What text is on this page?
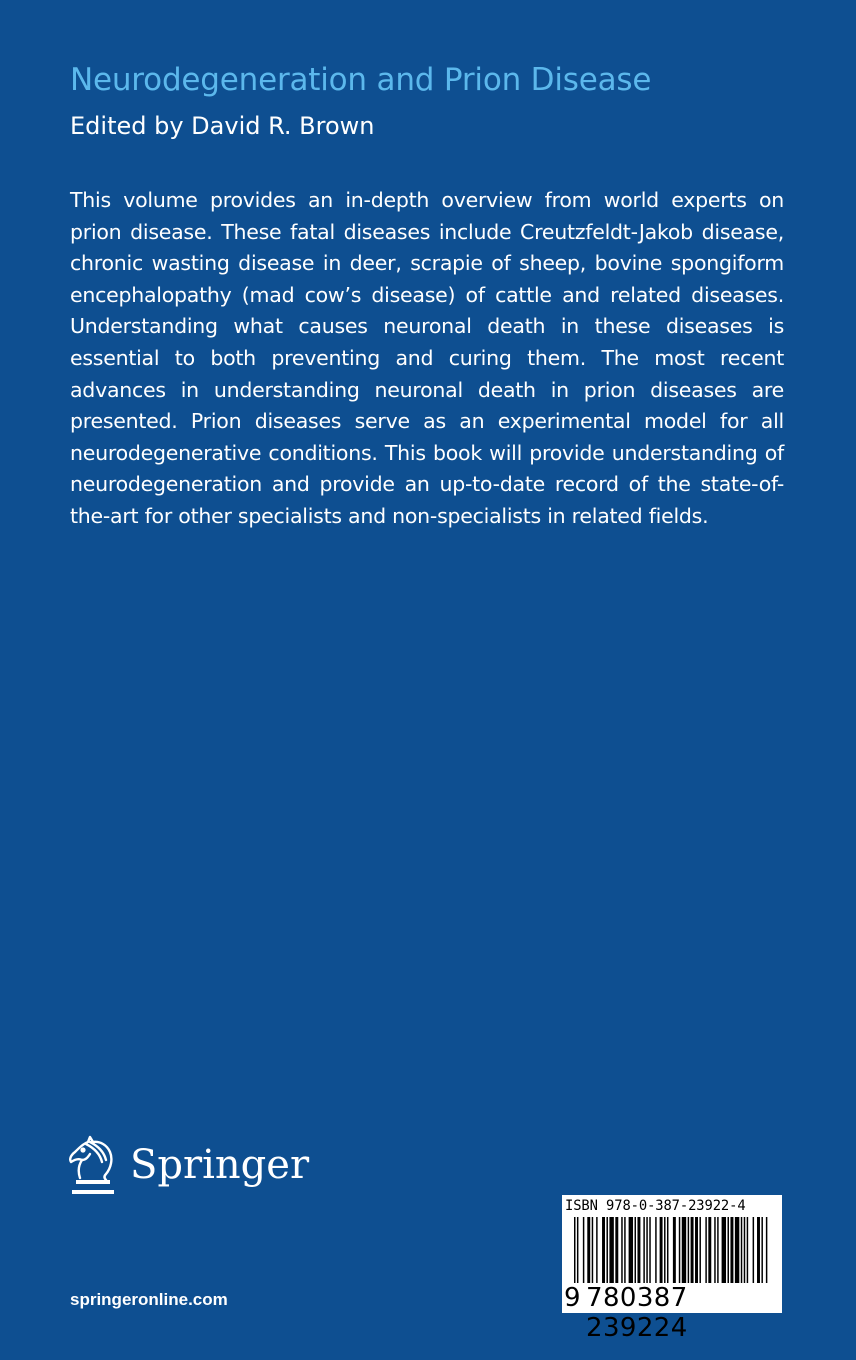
Neurodegeneration and Prion Disease
Edited by David R. Brown
This volume provides an in-depth overview from world experts on prion disease. These fatal diseases include Creutzfeldt-Jakob disease, chronic wasting disease in deer, scrapie of sheep, bovine spongiform encephalopathy (mad cow’s disease) of cattle and related diseases. Understanding what causes neuronal death in these diseases is essential to both preventing and curing them. The most recent advances in understanding neuronal death in prion diseases are presented. Prion diseases serve as an experimental model for all neurodegenerative conditions. This book will provide understanding of neurodegeneration and provide an up-to-date record of the state-of-the-art for other specialists and non-specialists in related fields.
Springer
springeronline.com
ISBN 978-0-387-23922-4
9 780387 239224
